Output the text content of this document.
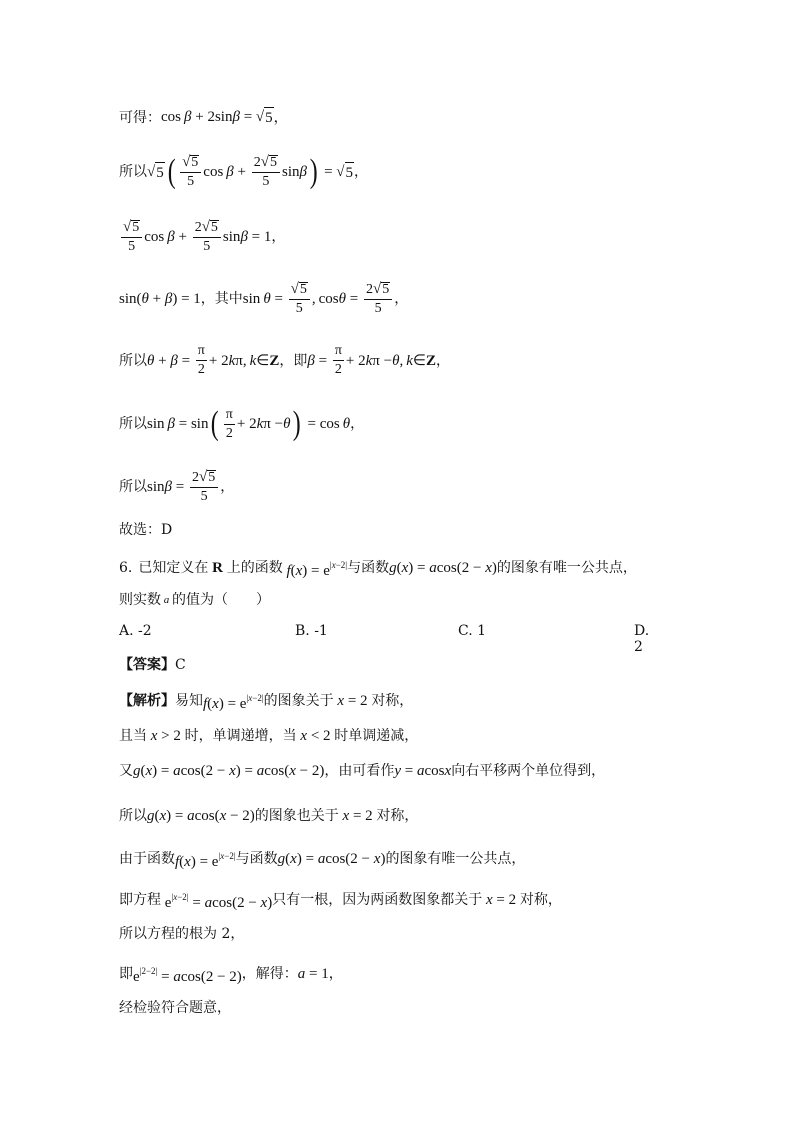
可得： cos β + 2sinβ = √ 5 ，
所以 √ 5 ( $\frac{√ 5}{5}$ $\cos \beta + \frac{2 √ 5}{5}$ sin β ) = √ 5 ，
$\frac{√ 5}{5}$ $\cos \beta + \frac{2 √ 5}{5}$ sin β = 1 ，
sin(θ + β) = 1 ，其中 $\sin \theta = \frac{√ 5}{5}$ , $\cos \theta = \frac{2 √ 5}{5}$ ，
所以 $\theta + \beta = \frac{\pi}{2} + 2$ k π,  k ∈ Z ，即 $\beta = \frac{\pi}{2} + 2$ k π − θ ,  k ∈ Z ，
所以 sin  β = sin ( $\frac{\pi}{2} + 2$ k π − θ ) = cos  θ ，
所以 $\sin \beta = \frac{2 √ 5}{5}$ ，
故选：D
6. 已知定义在 R 上的函数 $f(x) = e^{|x-2|}$ 与函数 g(x) = acos(2 − x) 的图象有唯一公共点，
则实数 a 的值为（　　）
A. -2	B. -1	C. 1	D. 2
【答案】 C
【解析】 易知 $f(x) = e^{|x-2|}$ 的图象关于 x = 2 对称，
且当 x > 2 时，单调递增，当 x < 2 时单调递减，
又 g(x) = acos(2 − x) = acos(x − 2) ，由可看作 y = acosx 向右平移两个单位得到，
所以 g(x) = acos(x − 2) 的图象也关于 x = 2 对称，
由于函数 $f(x) = e^{|x-2|}$ 与函数 g(x) = acos(2 − x) 的图象有唯一公共点，
即方程 $e^{|x-2|} = acos(2 - x)$ 只有一根，因为两函数图象都关于 x = 2 对称，
所以方程的根为 2，
即 $e^{|2-2|} = acos(2 - 2)$ ，解得： a = 1 ，
经检验符合题意，
